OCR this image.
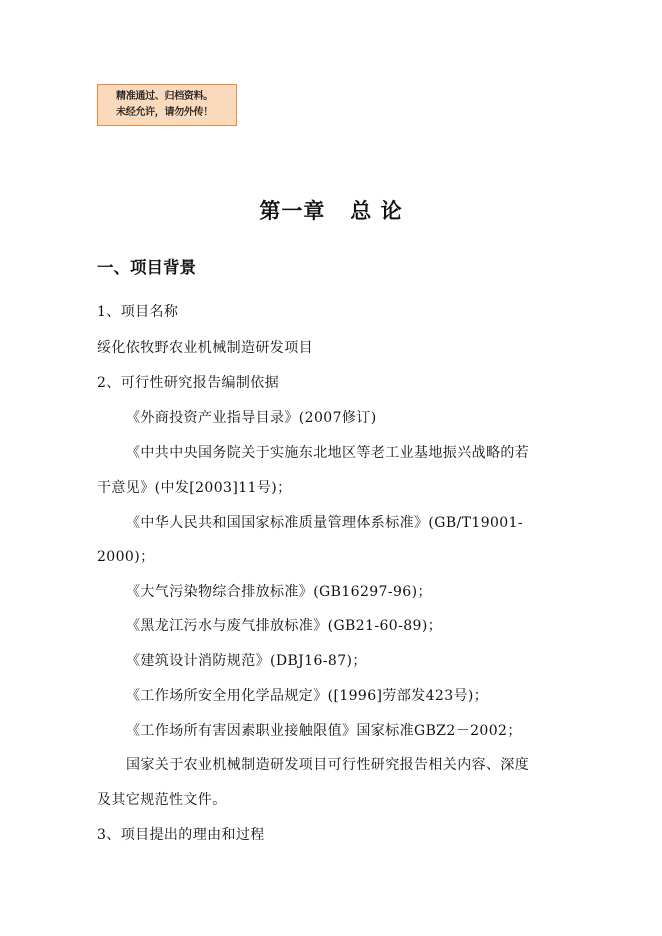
精准通过、归档资料。
未经允许，请勿外传！
第一章   总 论
一、项目背景
1、项目名称
绥化依牧野农业机械制造研发项目
2、可行性研究报告编制依据
《外商投资产业指导目录》(2007修订)
《中共中央国务院关于实施东北地区等老工业基地振兴战略的若
干意见》(中发[2003]11号)；
《中华人民共和国国家标准质量管理体系标准》(GB/T19001-
2000)；
《大气污染物综合排放标准》(GB16297-96)；
《黑龙江污水与废气排放标准》(GB21-60-89)；
《建筑设计消防规范》(DBJ16-87)；
《工作场所安全用化学品规定》([1996]劳部发423号)；
《工作场所有害因素职业接触限值》国家标准GBZ2－2002；
国家关于农业机械制造研发项目可行性研究报告相关内容、深度
及其它规范性文件。
3、项目提出的理由和过程
